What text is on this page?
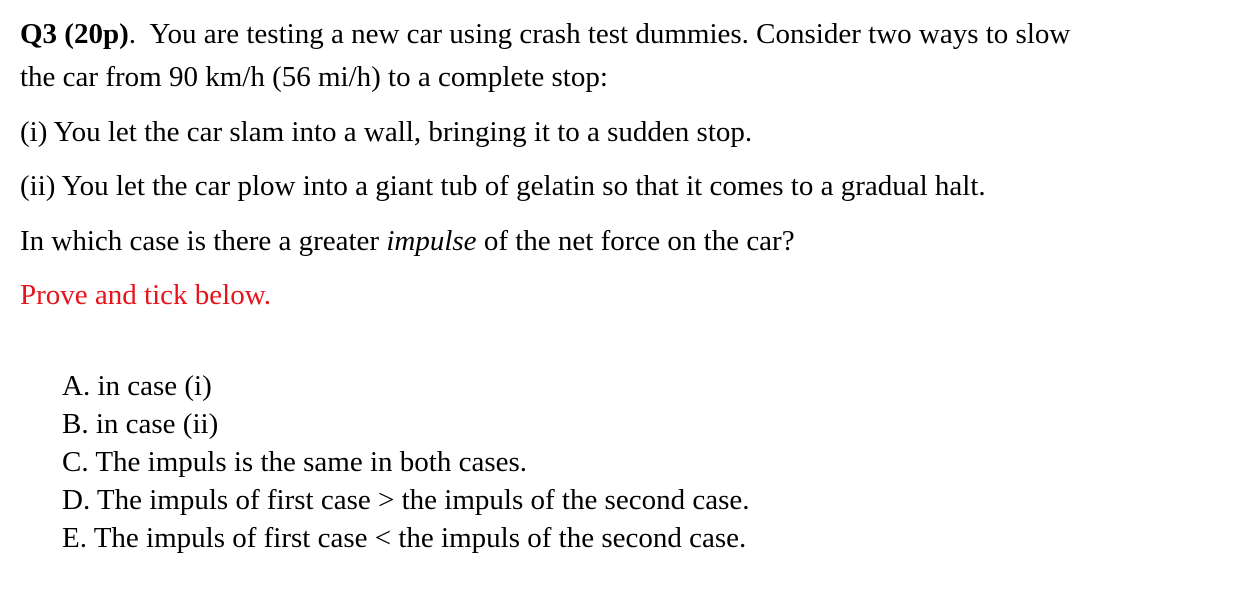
Q3 (20p).  You are testing a new car using crash test dummies. Consider two ways to slow
the car from 90 km/h (56 mi/h) to a complete stop:
(i) You let the car slam into a wall, bringing it to a sudden stop.
(ii) You let the car plow into a giant tub of gelatin so that it comes to a gradual halt.
In which case is there a greater impulse of the net force on the car?
Prove and tick below.
A. in case (i)
B. in case (ii)
C. The impuls is the same in both cases.
D. The impuls of first case > the impuls of the second case.
E. The impuls of first case < the impuls of the second case.
